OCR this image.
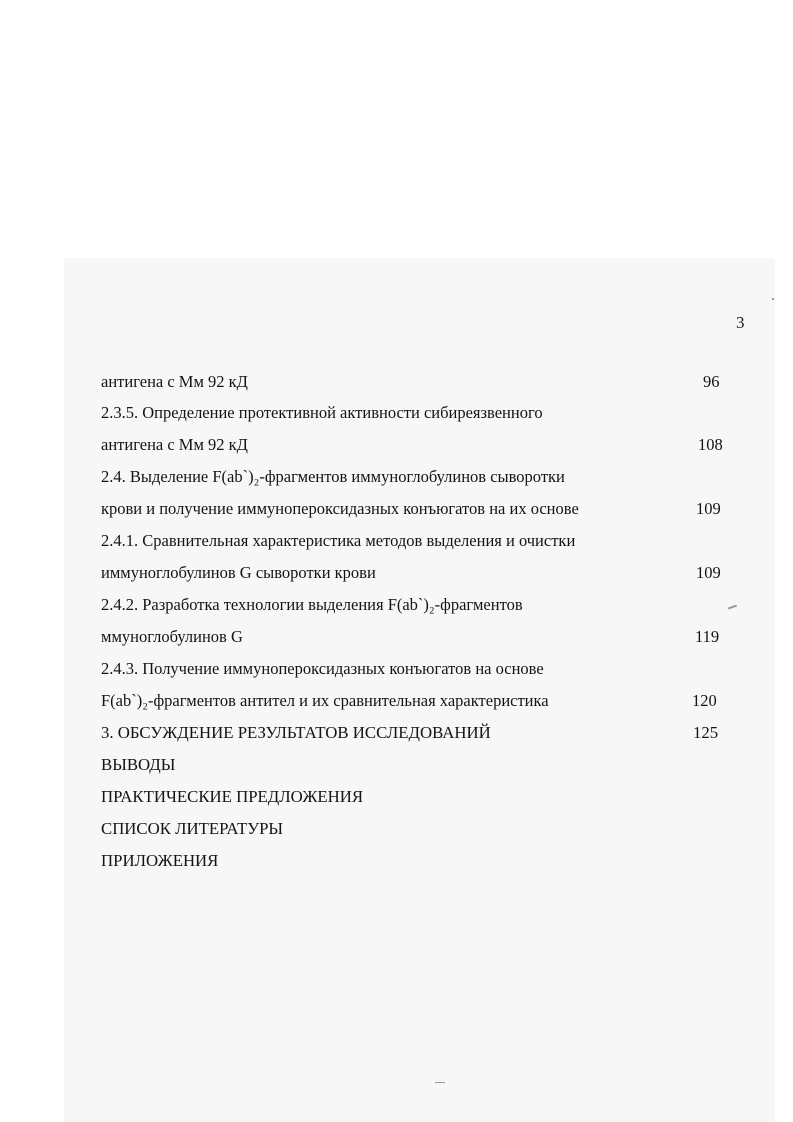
3
антигена с Мм 92 кД	96
2.3.5. Определение протективной активности сибиреязвенного
антигена с Мм 92 кД	108
2.4. Выделение F(ab`)₂-фрагментов иммуноглобулинов сыворотки
крови и получение иммунопероксидазных конъюгатов на их основе	109
2.4.1. Сравнительная характеристика методов выделения и очистки
иммуноглобулинов G сыворотки крови	109
2.4.2. Разработка технологии выделения F(ab`)₂-фрагментов
ммуноглобулинов G	119
2.4.3. Получение иммунопероксидазных конъюгатов на основе
F(ab`)₂-фрагментов антител и их сравнительная характеристика	120
3. ОБСУЖДЕНИЕ РЕЗУЛЬТАТОВ ИССЛЕДОВАНИЙ	125
ВЫВОДЫ
ПРАКТИЧЕСКИЕ ПРЕДЛОЖЕНИЯ
СПИСОК ЛИТЕРАТУРЫ
ПРИЛОЖЕНИЯ
